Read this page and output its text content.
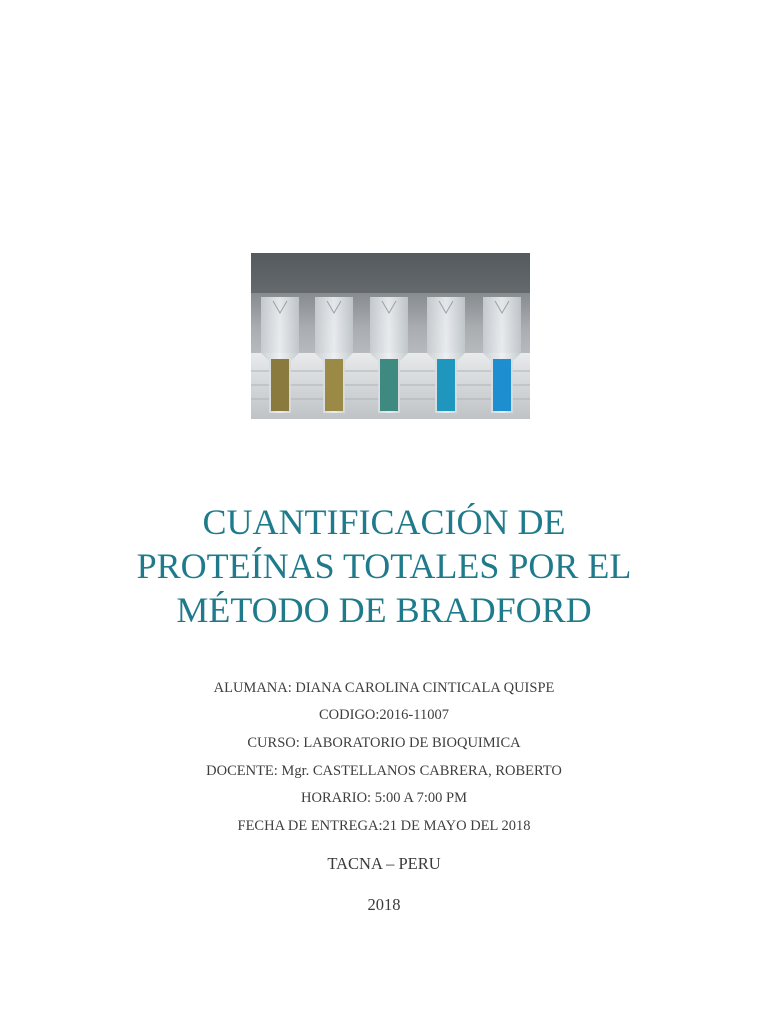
CUANTIFICACIÓN DE
PROTEÍNAS TOTALES POR EL
MÉTODO DE BRADFORD

ALUMANA: DIANA CAROLINA CINTICALA QUISPE

CODIGO:2016-11007

CURSO: LABORATORIO DE BIOQUIMICA

DOCENTE: Mgr. CASTELLANOS CABRERA, ROBERTO

HORARIO: 5:00 A 7:00 PM

FECHA DE ENTREGA:21 DE MAYO DEL 2018

TACNA – PERU
2018
